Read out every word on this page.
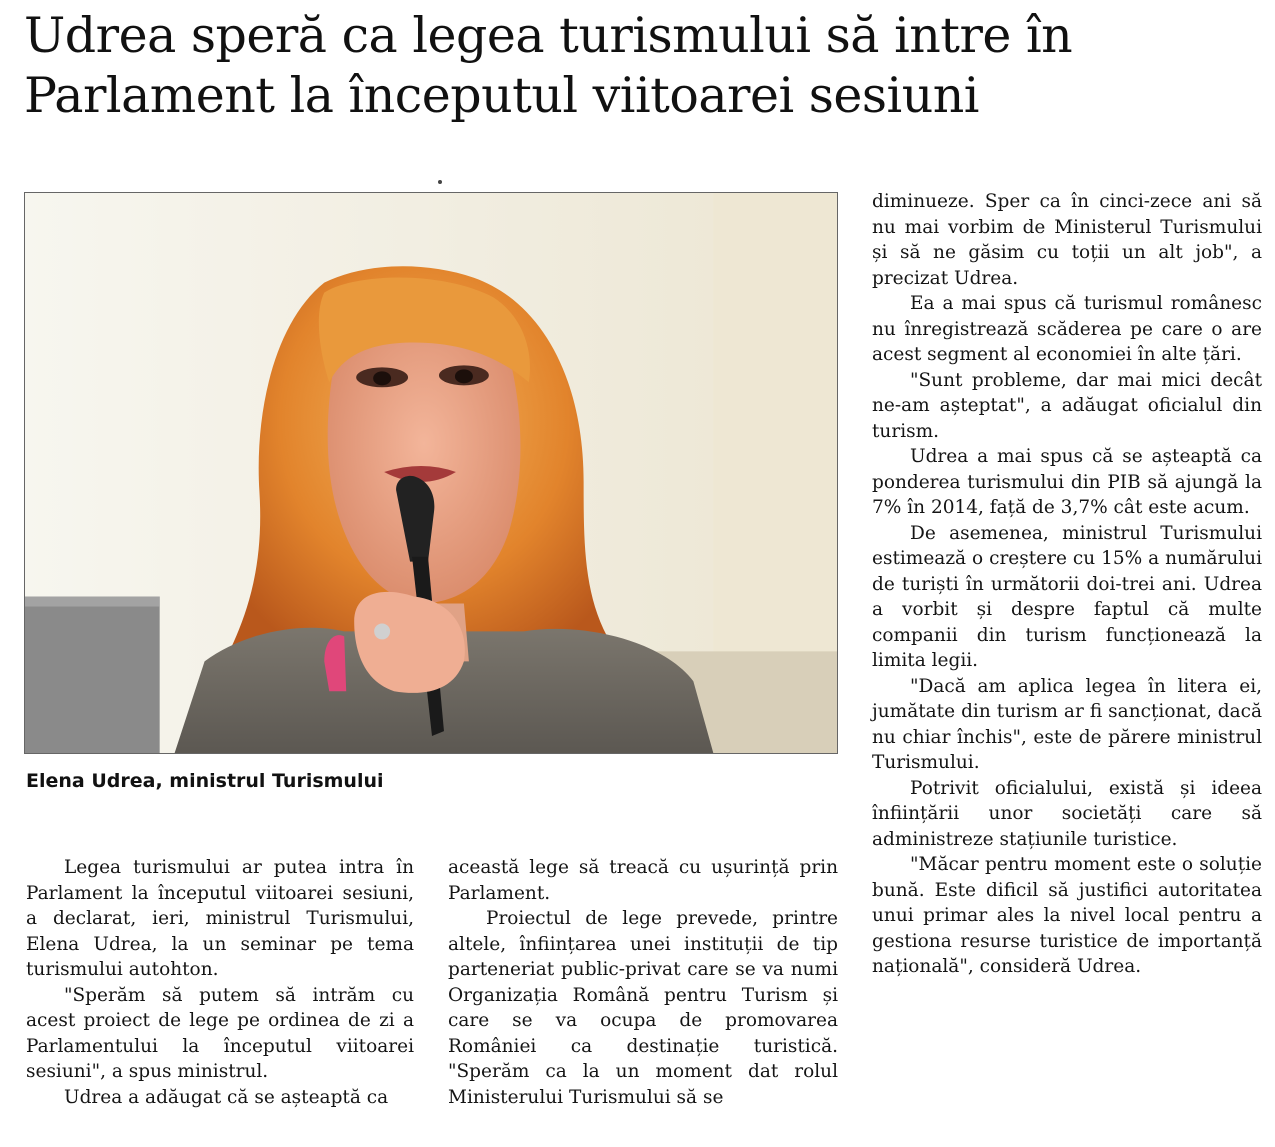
Udrea speră ca legea turismului să intre în
Parlament la începutul viitoarei sesiuni
Elena Udrea, ministrul Turismului

Legea turismului ar putea intra în Parlament la începutul viitoarei sesiuni, a declarat, ieri, ministrul Turismului, Elena Udrea, la un seminar pe tema turismului autohton.

"Sperăm să putem să intrăm cu acest proiect de lege pe ordinea de zi a Parlamentului la începutul viitoarei sesiuni", a spus ministrul.

Udrea a adăugat că se așteaptă ca

această lege să treacă cu ușurință prin Parlament.

Proiectul de lege prevede, printre altele, înființarea unei instituții de tip parteneriat public-privat care se va numi Organizația Română pentru Turism și care se va ocupa de promovarea României ca destinație turistică. "Sperăm ca la un moment dat rolul Ministerului Turismului să se

diminueze. Sper ca în cinci-zece ani să nu mai vorbim de Ministerul Turismului și să ne găsim cu toții un alt job", a precizat Udrea.

Ea a mai spus că turismul românesc nu înregistrează scăderea pe care o are acest segment al economiei în alte țări.

"Sunt probleme, dar mai mici decât ne-am așteptat", a adăugat oficialul din turism.

Udrea a mai spus că se așteaptă ca ponderea turismului din PIB să ajungă la 7% în 2014, față de 3,7% cât este acum.

De asemenea, ministrul Turismului estimează o creștere cu 15% a numărului de turiști în următorii doi-trei ani. Udrea a vorbit și despre faptul că multe companii din turism funcționează la limita legii.

"Dacă am aplica legea în litera ei, jumătate din turism ar fi sancționat, dacă nu chiar închis", este de părere ministrul Turismului.

Potrivit oficialului, există și ideea înființării unor societăți care să administreze stațiunile turistice.

"Măcar pentru moment este o soluție bună. Este dificil să justifici autoritatea unui primar ales la nivel local pentru a gestiona resurse turistice de importanță națională", consideră Udrea.
